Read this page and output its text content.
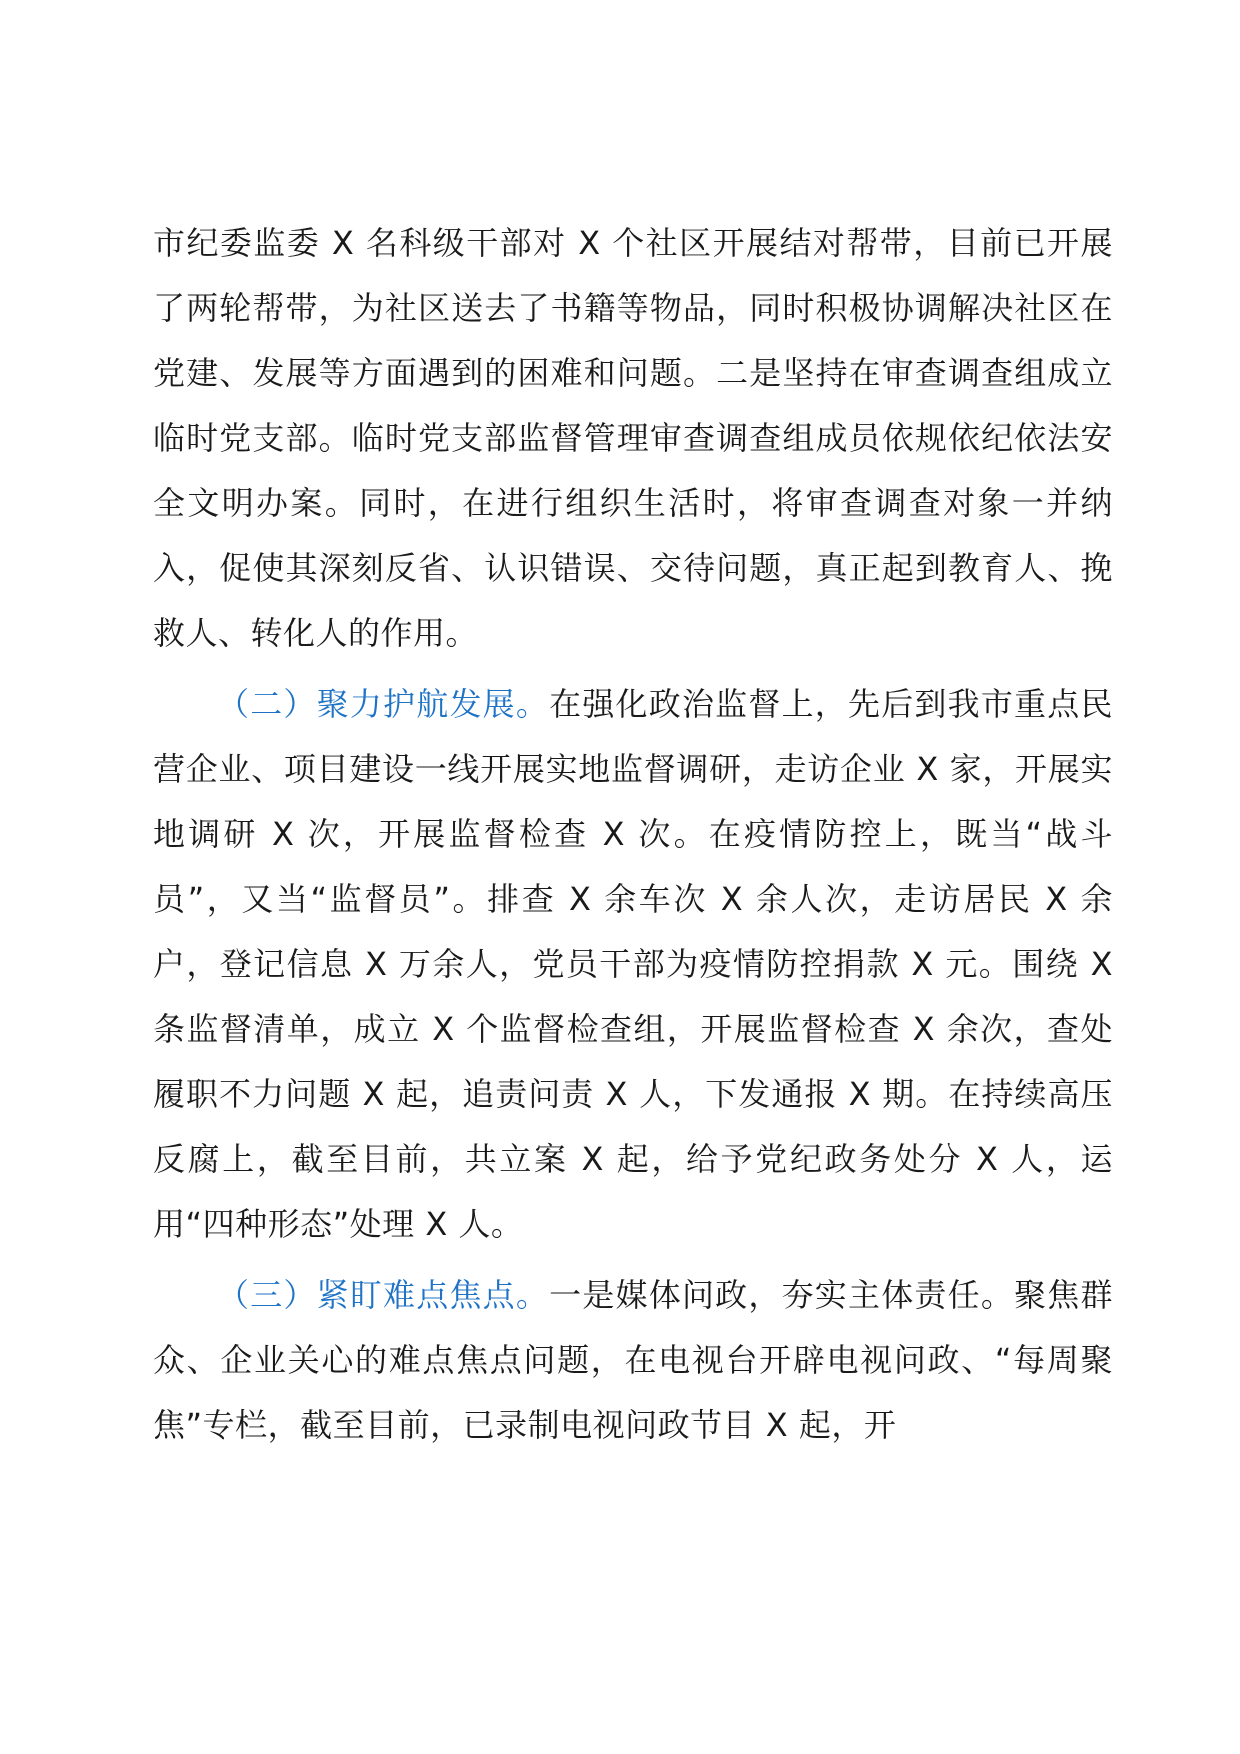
市纪委监委 X 名科级干部对 X 个社区开展结对帮带，目前已开展了两轮帮带，为社区送去了书籍等物品，同时积极协调解决社区在党建、发展等方面遇到的困难和问题。二是坚持在审查调查组成立临时党支部。临时党支部监督管理审查调查组成员依规依纪依法安全文明办案。同时，在进行组织生活时，将审查调查对象一并纳入，促使其深刻反省、认识错误、交待问题，真正起到教育人、挽救人、转化人的作用。

（二）聚力护航发展。在强化政治监督上，先后到我市重点民营企业、项目建设一线开展实地监督调研，走访企业 X 家，开展实地调研 X 次，开展监督检查 X 次。在疫情防控上，既当“战斗员”，又当“监督员”。排查 X 余车次 X 余人次，走访居民 X 余户，登记信息 X 万余人，党员干部为疫情防控捐款 X 元。围绕 X 条监督清单，成立 X 个监督检查组，开展监督检查 X 余次，查处履职不力问题 X 起，追责问责 X 人，下发通报 X 期。在持续高压反腐上，截至目前，共立案 X 起，给予党纪政务处分 X 人，运用“四种形态”处理 X 人。

（三）紧盯难点焦点。一是媒体问政，夯实主体责任。聚焦群众、企业关心的难点焦点问题，在电视台开辟电视问政、“每周聚焦”专栏，截至目前，已录制电视问政节目 X 起，开
